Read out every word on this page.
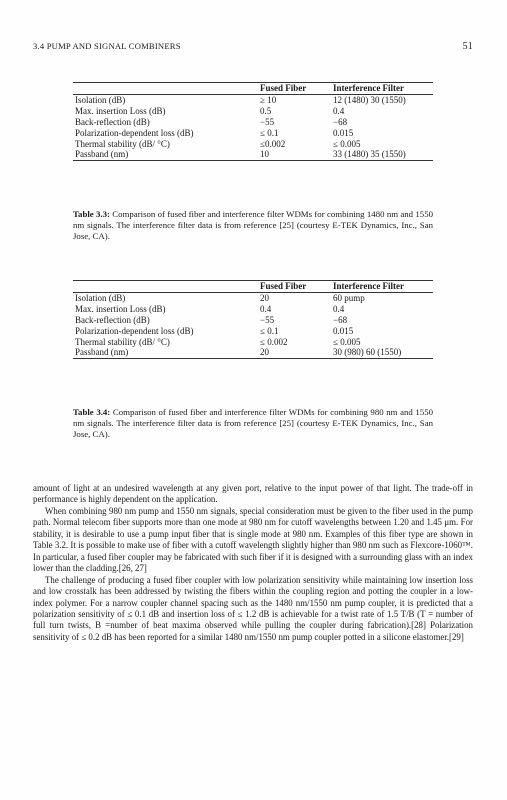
3.4 PUMP AND SIGNAL COMBINERS	51
	Fused Fiber	Interference Filter
Isolation (dB)	≥ 10	12 (1480) 30 (1550)
Max. insertion Loss (dB)	0.5	0.4
Back-reflection (dB)	−55	−68
Polarization-dependent loss (dB)	≤ 0.1	0.015
Thermal stability (dB/ °C)	≤0.002	≤ 0.005
Passband (nm)	10	33 (1480) 35 (1550)
Table 3.3: Comparison of fused fiber and interference filter WDMs for combining 1480 nm and 1550 nm signals. The interference filter data is from reference [25] (courtesy E-TEK Dynamics, Inc., San Jose, CA).
	Fused Fiber	Interference Filter
Isolation (dB)	20	60 pump
Max. insertion Loss (dB)	0.4	0.4
Back-reflection (dB)	−55	−68
Polarization-dependent loss (dB)	≤ 0.1	0.015
Thermal stability (dB/ °C)	≤ 0.002	≤ 0.005
Passband (nm)	20	30 (980) 60 (1550)
Table 3.4: Comparison of fused fiber and interference filter WDMs for combining 980 nm and 1550 nm signals. The interference filter data is from reference [25] (courtesy E-TEK Dynamics, Inc., San Jose, CA).

amount of light at an undesired wavelength at any given port, relative to the input power of that light. The trade-off in performance is highly dependent on the application.

When combining 980 nm pump and 1550 nm signals, special consideration must be given to the fiber used in the pump path. Normal telecom fiber supports more than one mode at 980 nm for cutoff wavelengths between 1.20 and 1.45 μm. For stability, it is desirable to use a pump input fiber that is single mode at 980 nm. Examples of this fiber type are shown in Table 3.2. It is possible to make use of fiber with a cutoff wavelength slightly higher than 980 nm such as Flexcore-1060™. In particular, a fused fiber coupler may be fabricated with such fiber if it is designed with a surrounding glass with an index lower than the cladding.[26, 27]

The challenge of producing a fused fiber coupler with low polarization sensitivity while maintaining low insertion loss and low crosstalk has been addressed by twisting the fibers within the coupling region and potting the coupler in a low-index polymer. For a narrow coupler channel spacing such as the 1480 nm/1550 nm pump coupler, it is predicted that a polarization sensitivity of ≤ 0.1 dB and insertion loss of ≤ 1.2 dB is achievable for a twist rate of 1.5 T/B (T = number of full turn twists, B =number of beat maxima observed while pulling the coupler during fabrication).[28] Polarization sensitivity of ≤ 0.2 dB has been reported for a similar 1480 nm/1550 nm pump coupler potted in a silicone elastomer.[29]
